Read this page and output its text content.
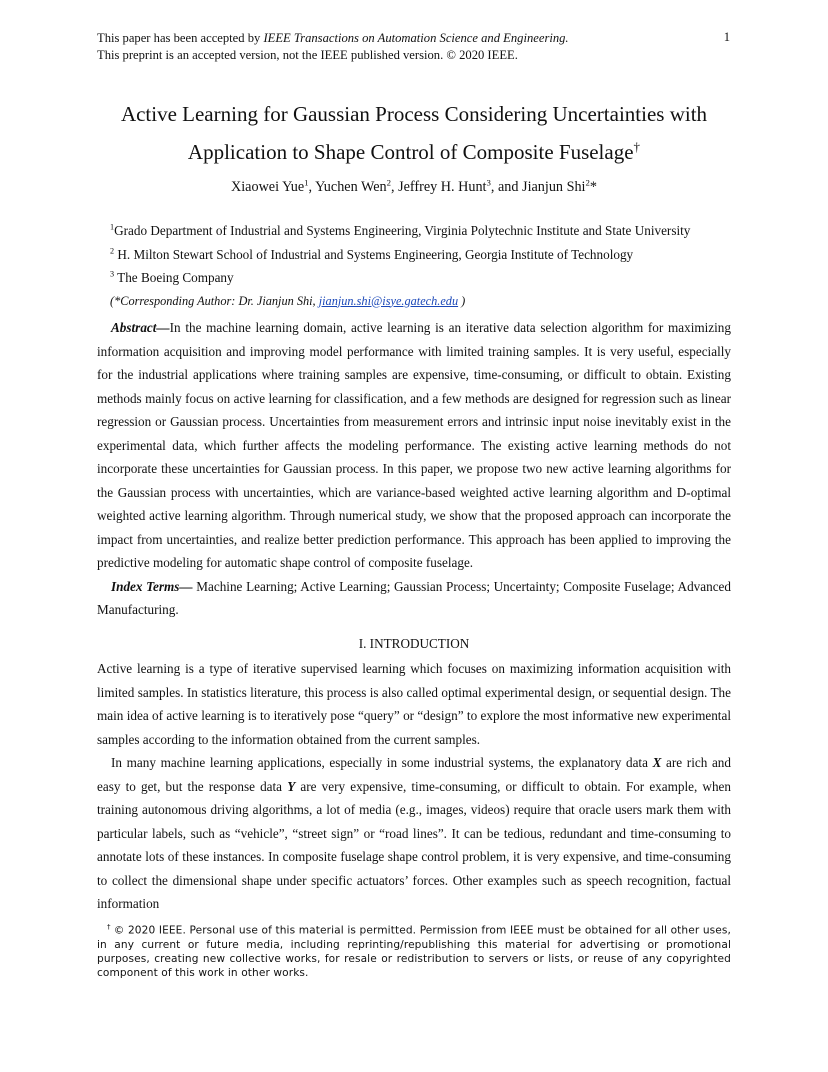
This paper has been accepted by IEEE Transactions on Automation Science and Engineering.
This preprint is an accepted version, not the IEEE published version. © 2020 IEEE.
1
Active Learning for Gaussian Process Considering Uncertainties with
Application to Shape Control of Composite Fuselage†
Xiaowei Yue$^1$, Yuchen Wen$^2$, Jeffrey H. Hunt$^3$, and Jianjun Shi$^2$*
$^1$Grado Department of Industrial and Systems Engineering, Virginia Polytechnic Institute and State University
$^2$ H. Milton Stewart School of Industrial and Systems Engineering, Georgia Institute of Technology
$^3$ The Boeing Company
(*Corresponding Author: Dr. Jianjun Shi, jianjun.shi@isye.gatech.edu )

Abstract—In the machine learning domain, active learning is an iterative data selection algorithm for maximizing information acquisition and improving model performance with limited training samples. It is very useful, especially for the industrial applications where training samples are expensive, time-consuming, or difficult to obtain. Existing methods mainly focus on active learning for classification, and a few methods are designed for regression such as linear regression or Gaussian process. Uncertainties from measurement errors and intrinsic input noise inevitably exist in the experimental data, which further affects the modeling performance. The existing active learning methods do not incorporate these uncertainties for Gaussian process. In this paper, we propose two new active learning algorithms for the Gaussian process with uncertainties, which are variance-based weighted active learning algorithm and D-optimal weighted active learning algorithm. Through numerical study, we show that the proposed approach can incorporate the impact from uncertainties, and realize better prediction performance. This approach has been applied to improving the predictive modeling for automatic shape control of composite fuselage.

Index Terms— Machine Learning; Active Learning; Gaussian Process; Uncertainty; Composite Fuselage; Advanced Manufacturing.

I. INTRODUCTION

Active learning is a type of iterative supervised learning which focuses on maximizing information acquisition with limited samples. In statistics literature, this process is also called optimal experimental design, or sequential design. The main idea of active learning is to iteratively pose “query” or “design” to explore the most informative new experimental samples according to the information obtained from the current samples.

In many machine learning applications, especially in some industrial systems, the explanatory data X are rich and easy to get, but the response data Y are very expensive, time-consuming, or difficult to obtain. For example, when training autonomous driving algorithms, a lot of media (e.g., images, videos) require that oracle users mark them with particular labels, such as “vehicle”, “street sign” or “road lines”. It can be tedious, redundant and time-consuming to annotate lots of these instances. In composite fuselage shape control problem, it is very expensive, and time-consuming to collect the dimensional shape under specific actuators’ forces. Other examples such as speech recognition, factual information

† © 2020 IEEE. Personal use of this material is permitted. Permission from IEEE must be obtained for all other uses, in any current or future media, including reprinting/republishing this material for advertising or promotional purposes, creating new collective works, for resale or redistribution to servers or lists, or reuse of any copyrighted component of this work in other works.
